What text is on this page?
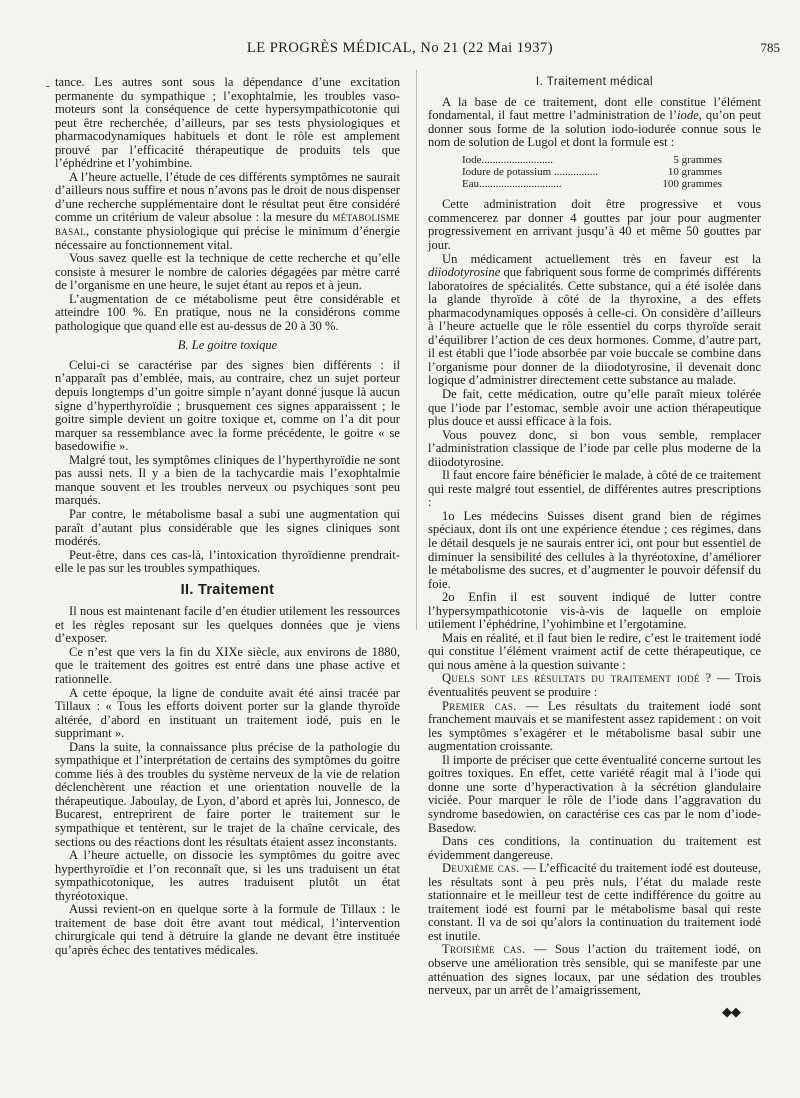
LE PROGRÈS MÉDICAL, No 21 (22 Mai 1937)	785
- tance. Les autres sont sous la dépendance d’une excitation permanente du sympathique ; l’exophtalmie, les troubles vaso-moteurs sont la conséquence de cette hypersympathicotonie qui peut être recherchée, d’ailleurs, par ses tests physiologiques et pharmacodynamiques habituels et dont le rôle est amplement prouvé par l’efficacité thérapeutique de produits tels que l’éphédrine et l’yohimbine.

A l’heure actuelle, l’étude de ces différents symptômes ne saurait d’ailleurs nous suffire et nous n’avons pas le droit de nous dispenser d’une recherche supplémentaire dont le résultat peut être considéré comme un critérium de valeur absolue : la mesure du métabolisme basal, constante physiologique qui précise le minimum d’énergie nécessaire au fonctionnement vital.

Vous savez quelle est la technique de cette recherche et qu’elle consiste à mesurer le nombre de calories dégagées par mètre carré de l’organisme en une heure, le sujet étant au repos et à jeun.

L’augmentation de ce métabolisme peut être considérable et atteindre 100 %. En pratique, nous ne la considérons comme pathologique que quand elle est au-dessus de 20 à 30 %.

B. Le goitre toxique

Celui-ci se caractérise par des signes bien différents : il n’apparaît pas d’emblée, mais, au contraire, chez un sujet porteur depuis longtemps d’un goitre simple n’ayant donné jusque là aucun signe d’hyperthyroïdie ; brusquement ces signes apparaissent ; le goitre simple devient un goitre toxique et, comme on l’a dit pour marquer sa ressemblance avec la forme précédente, le goitre « se basedowifie ».

Malgré tout, les symptômes cliniques de l’hyperthyroïdie ne sont pas aussi nets. Il y a bien de la tachycardie mais l’exophtalmie manque souvent et les troubles nerveux ou psychiques sont peu marqués.

Par contre, le métabolisme basal a subi une augmentation qui paraît d’autant plus considérable que les signes cliniques sont modérés.

Peut-être, dans ces cas-là, l’intoxication thyroïdienne prendrait-elle le pas sur les troubles sympathiques.

II. Traitement

Il nous est maintenant facile d’en étudier utilement les ressources et les règles reposant sur les quelques données que je viens d’exposer.

Ce n’est que vers la fin du XIXe siècle, aux environs de 1880, que le traitement des goitres est entré dans une phase active et rationnelle.

A cette époque, la ligne de conduite avait été ainsi tracée par Tillaux : « Tous les efforts doivent porter sur la glande thyroïde altérée, d’abord en instituant un traitement iodé, puis en le supprimant ».

Dans la suite, la connaissance plus précise de la pathologie du sympathique et l’interprétation de certains des symptômes du goitre comme liés à des troubles du système nerveux de la vie de relation déclenchèrent une réaction et une orientation nouvelle de la thérapeutique. Jaboulay, de Lyon, d’abord et après lui, Jonnesco, de Bucarest, entreprirent de faire porter le traitement sur le sympathique et tentèrent, sur le trajet de la chaîne cervicale, des sections ou des réactions dont les résultats étaient assez inconstants.

A l’heure actuelle, on dissocie les symptômes du goitre avec hyperthyroïdie et l’on reconnaît que, si les uns traduisent un état sympathicotonique, les autres traduisent plutôt un état thyréotoxique.

Aussi revient-on en quelque sorte à la formule de Tillaux : le traitement de base doit être avant tout médical, l’intervention chirurgicale qui tend à détruire la glande ne devant être instituée qu’après échec des tentatives médicales.

I. Traitement médical

A la base de ce traitement, dont elle constitue l’élément fondamental, il faut mettre l’administration de l’iode, qu’on peut donner sous forme de la solution iodo-iodurée connue sous le nom de solution de Lugol et dont la formule est :

Iode..........................	5 grammes
Iodure de potassium ................	10 grammes
Eau..............................	100 grammes

Cette administration doit être progressive et vous commencerez par donner 4 gouttes par jour pour augmenter progressivement en arrivant jusqu’à 40 et même 50 gouttes par jour.

Un médicament actuellement très en faveur est la diiodotyrosine que fabriquent sous forme de comprimés différents laboratoires de spécialités. Cette substance, qui a été isolée dans la glande thyroïde à côté de la thyroxine, a des effets pharmacodynamiques opposés à celle-ci. On considère d’ailleurs à l’heure actuelle que le rôle essentiel du corps thyroïde serait d’équilibrer l’action de ces deux hormones. Comme, d’autre part, il est établi que l’iode absorbée par voie buccale se combine dans l’organisme pour donner de la diiodotyrosine, il devenait donc logique d’administrer directement cette substance au malade.

De fait, cette médication, outre qu’elle paraît mieux tolérée que l’iode par l’estomac, semble avoir une action thérapeutique plus douce et aussi efficace à la fois.

Vous pouvez donc, si bon vous semble, remplacer l’administration classique de l’iode par celle plus moderne de la diiodotyrosine.

Il faut encore faire bénéficier le malade, à côté de ce traitement qui reste malgré tout essentiel, de différentes autres prescriptions :

1o Les médecins Suisses disent grand bien de régimes spéciaux, dont ils ont une expérience étendue ; ces régimes, dans le détail desquels je ne saurais entrer ici, ont pour but essentiel de diminuer la sensibilité des cellules à la thyréotoxine, d’améliorer le métabolisme des sucres, et d’augmenter le pouvoir défensif du foie.

2o Enfin il est souvent indiqué de lutter contre l’hypersympathicotonie vis-à-vis de laquelle on emploie utilement l’éphédrine, l’yohimbine et l’ergotamine.

Mais en réalité, et il faut bien le redire, c’est le traitement iodé qui constitue l’élément vraiment actif de cette thérapeutique, ce qui nous amène à la question suivante :

Quels sont les résultats du traitement iodé ? — Trois éventualités peuvent se produire :

Premier cas. — Les résultats du traitement iodé sont franchement mauvais et se manifestent assez rapidement : on voit les symptômes s’exagérer et le métabolisme basal subir une augmentation croissante.

Il importe de préciser que cette éventualité concerne surtout les goitres toxiques. En effet, cette variété réagit mal à l’iode qui donne une sorte d’hyperactivation à la sécrétion glandulaire viciée. Pour marquer le rôle de l’iode dans l’aggravation du syndrome basedowien, on caractérise ces cas par le nom d’iode-Basedow.

Dans ces conditions, la continuation du traitement est évidemment dangereuse.

Deuxième cas. — L’efficacité du traitement iodé est douteuse, les résultats sont à peu près nuls, l’état du malade reste stationnaire et le meilleur test de cette indifférence du goitre au traitement iodé est fourni par le métabolisme basal qui reste constant. Il va de soi qu’alors la continuation du traitement iodé est inutile.

Troisième cas. — Sous l’action du traitement iodé, on observe une amélioration très sensible, qui se manifeste par une atténuation des signes locaux, par une sédation des troubles nerveux, par un arrêt de l’amaigrissement,

◆◆
